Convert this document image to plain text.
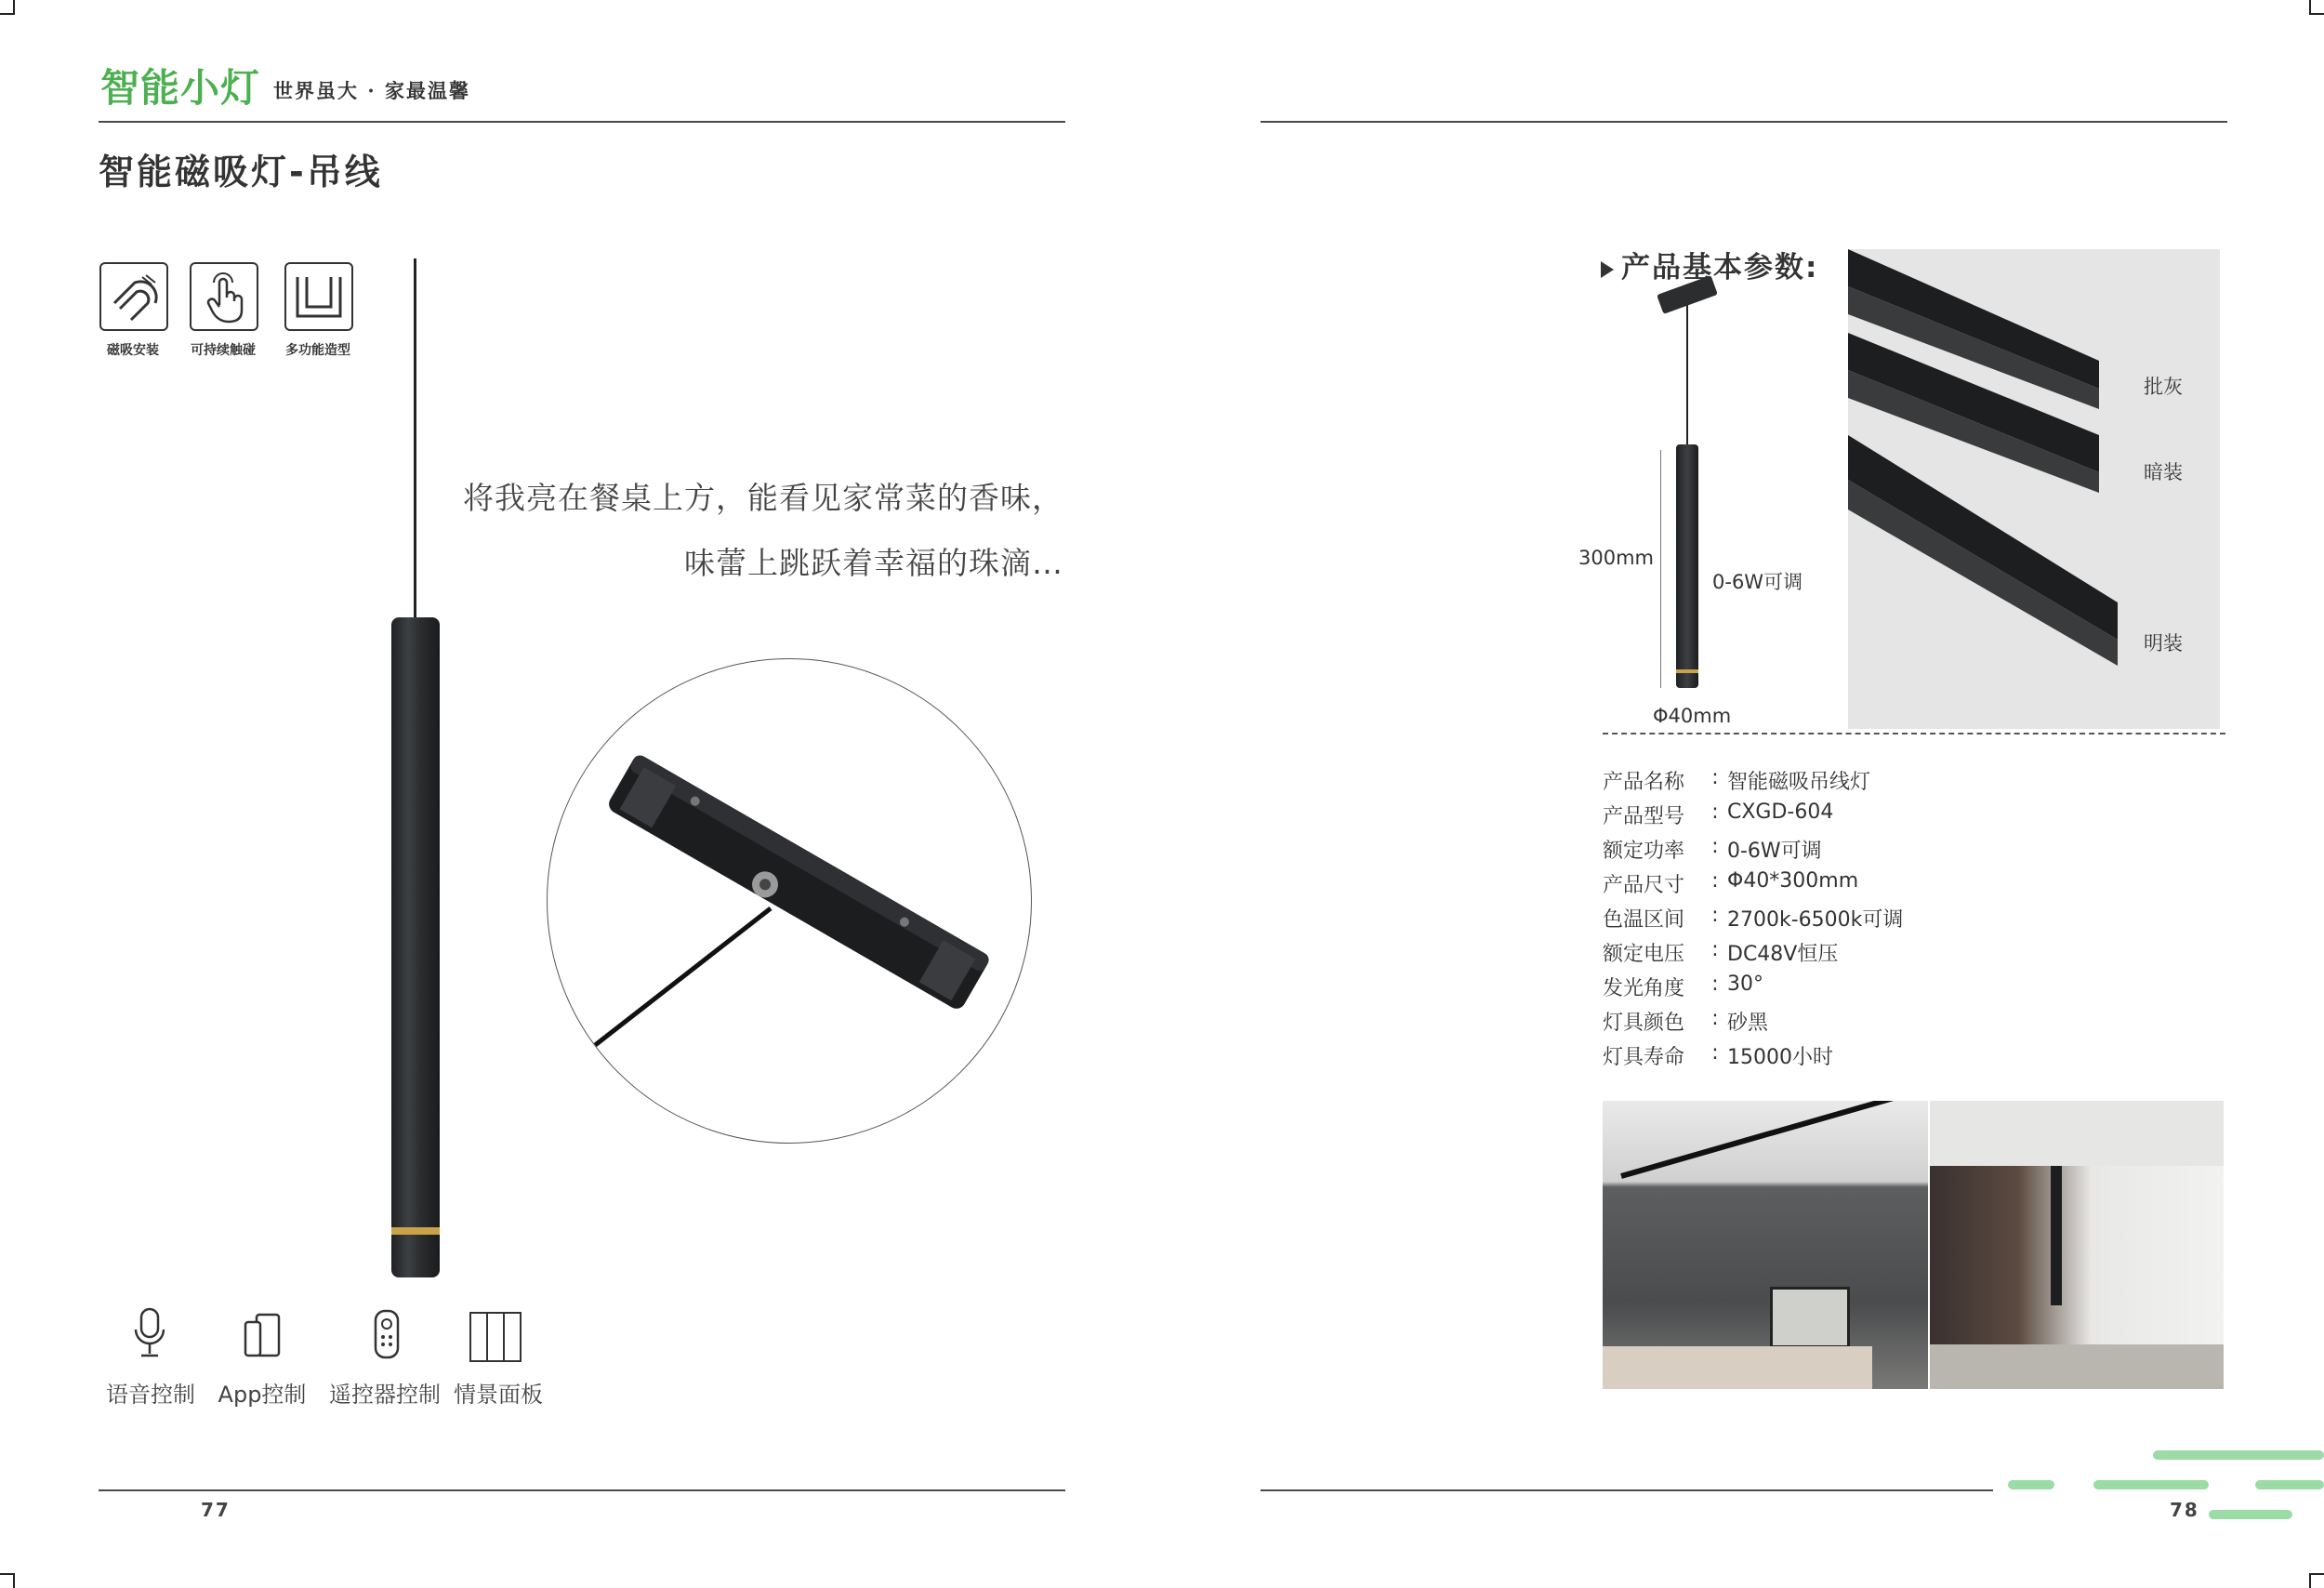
智能小灯 世界虽大 · 家最温馨
智能磁吸灯-吊线
磁吸安装	可持续触碰	多功能造型
将我亮在餐桌上方，能看见家常菜的香味，
味蕾上跳跃着幸福的珠滴…
语音控制	App控制	遥控器控制 情景面板
77
产品基本参数:
300mm
0-6W可调
Φ40mm
批灰
暗装
明装
产品名称	: 智能磁吸吊线灯
产品型号	: CXGD-604
额定功率	: 0-6W可调
产品尺寸	: Φ40*300mm
色温区间	: 2700k-6500k可调
额定电压	: DC48V恒压
发光角度	: 30°
灯具颜色	: 砂黑
灯具寿命	: 15000小时
78
